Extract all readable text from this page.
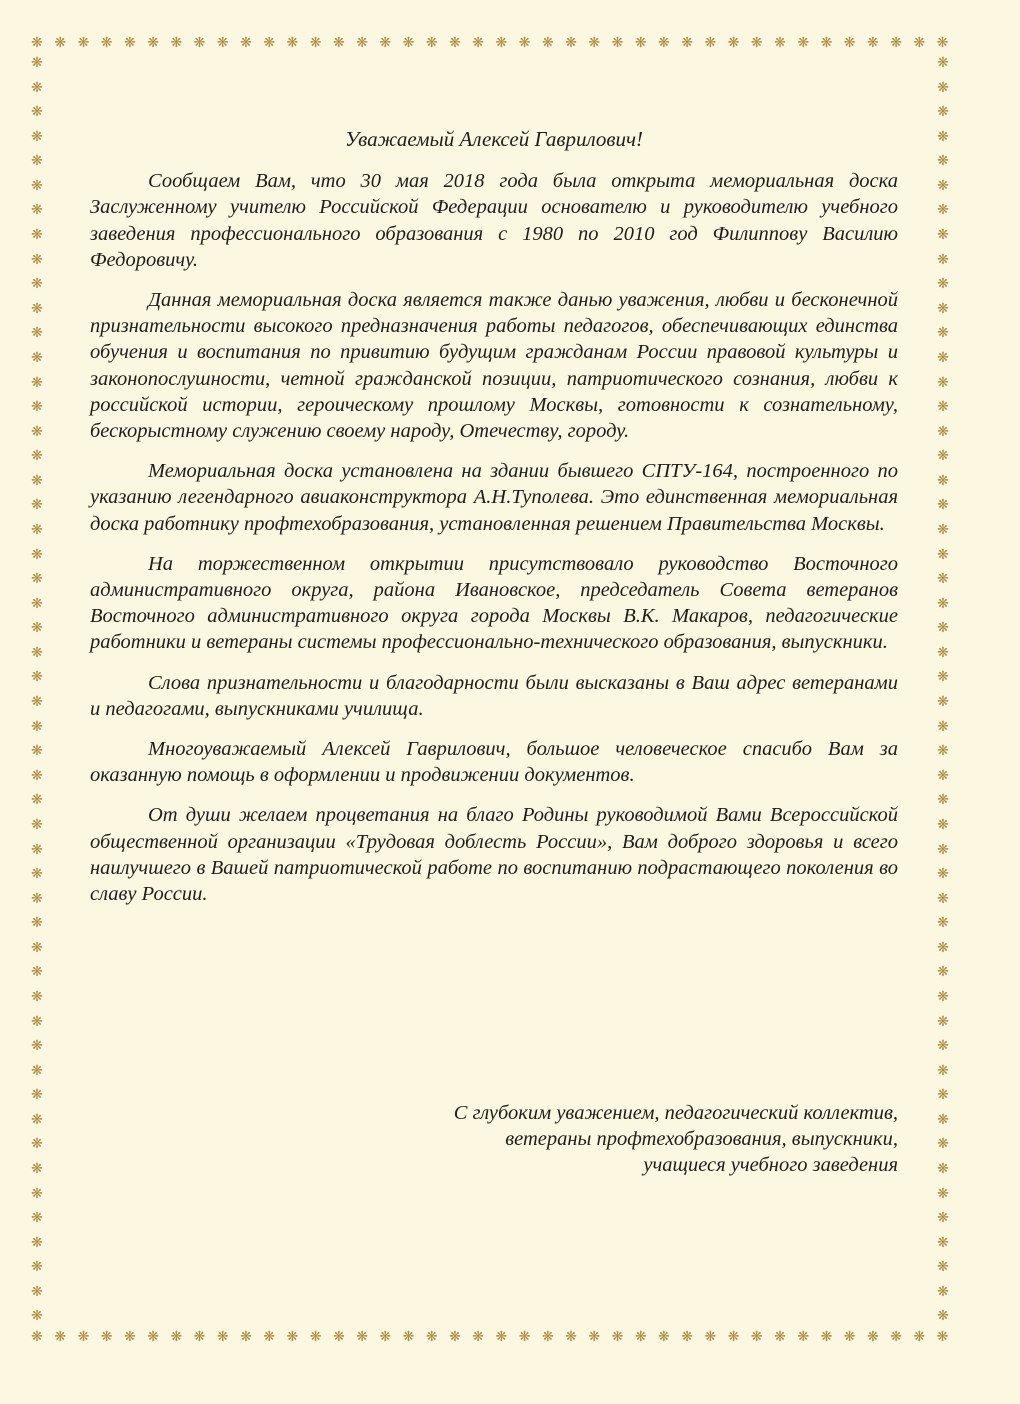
❋ ❋ ❋ ❋ ❋ ❋ ❋ ❋ ❋ ❋ ❋ ❋ ❋ ❋ ❋ ❋ ❋ ❋ ❋ ❋ ❋ ❋ ❋ ❋ ❋ ❋ ❋ ❋ ❋ ❋ ❋ ❋ ❋ ❋ ❋ ❋ ❋ ❋ ❋ ❋
❋ ❋ ❋ ❋ ❋ ❋ ❋ ❋ ❋ ❋ ❋ ❋ ❋ ❋ ❋ ❋ ❋ ❋ ❋ ❋ ❋ ❋ ❋ ❋ ❋ ❋ ❋ ❋ ❋ ❋ ❋ ❋ ❋ ❋ ❋ ❋ ❋ ❋ ❋ ❋
❋
❋
❋
❋
❋
❋
❋
❋
❋
❋
❋
❋
❋
❋
❋
❋
❋
❋
❋
❋
❋
❋
❋
❋
❋
❋
❋
❋
❋
❋
❋
❋
❋
❋
❋
❋
❋
❋
❋
❋
❋
❋
❋
❋
❋
❋
❋
❋
❋
❋
❋
❋
❋
❋
❋
❋
❋
❋
❋
❋
❋
❋
❋
❋
❋
❋
❋
❋
❋
❋
❋
❋
❋
❋
❋
❋
❋
❋
❋
❋
❋
❋
❋
❋
❋
❋
❋
❋
❋
❋
❋
❋
❋
❋
❋
❋
❋
❋
❋
❋
❋
❋
❋
❋

Уважаемый Алексей Гаврилович!

Сообщаем Вам, что 30 мая 2018 года была открыта мемориальная доска Заслуженному учителю Российской Федерации основателю и руководителю учебного заведения профессионального образования с 1980 по 2010 год Филиппову Василию Федоровичу.

Данная мемориальная доска является также данью уважения, любви и бесконечной признательности высокого предназначения работы педагогов, обеспечивающих единства обучения и воспитания по привитию будущим гражданам России правовой культуры и законопослушности, четной гражданской позиции, патриотического сознания, любви к российской истории, героическому прошлому Москвы, готовности к сознательному, бескорыстному служению своему народу, Отечеству, городу.

Мемориальная доска установлена на здании бывшего СПТУ-164, построенного по указанию легендарного авиаконструктора А.Н.Туполева. Это единственная мемориальная доска работнику профтехобразования, установленная решением Правительства Москвы.

На торжественном открытии присутствовало руководство Восточного административного округа, района Ивановское, председатель Совета ветеранов Восточного административного округа города Москвы В.К. Макаров, педагогические работники и ветераны системы профессионально-технического образования, выпускники.

Слова признательности и благодарности были высказаны в Ваш адрес ветеранами и педагогами, выпускниками училища.

Многоуважаемый Алексей Гаврилович, большое человеческое спасибо Вам за оказанную помощь в оформлении и продвижении документов.

От души желаем процветания на благо Родины руководимой Вами Всероссийской общественной организации «Трудовая доблесть России», Вам доброго здоровья и всего наилучшего в Вашей патриотической работе по воспитанию подрастающего поколения во славу России.

С глубоким уважением, педагогический коллектив,
ветераны профтехобразования, выпускники,
учащиеся учебного заведения
